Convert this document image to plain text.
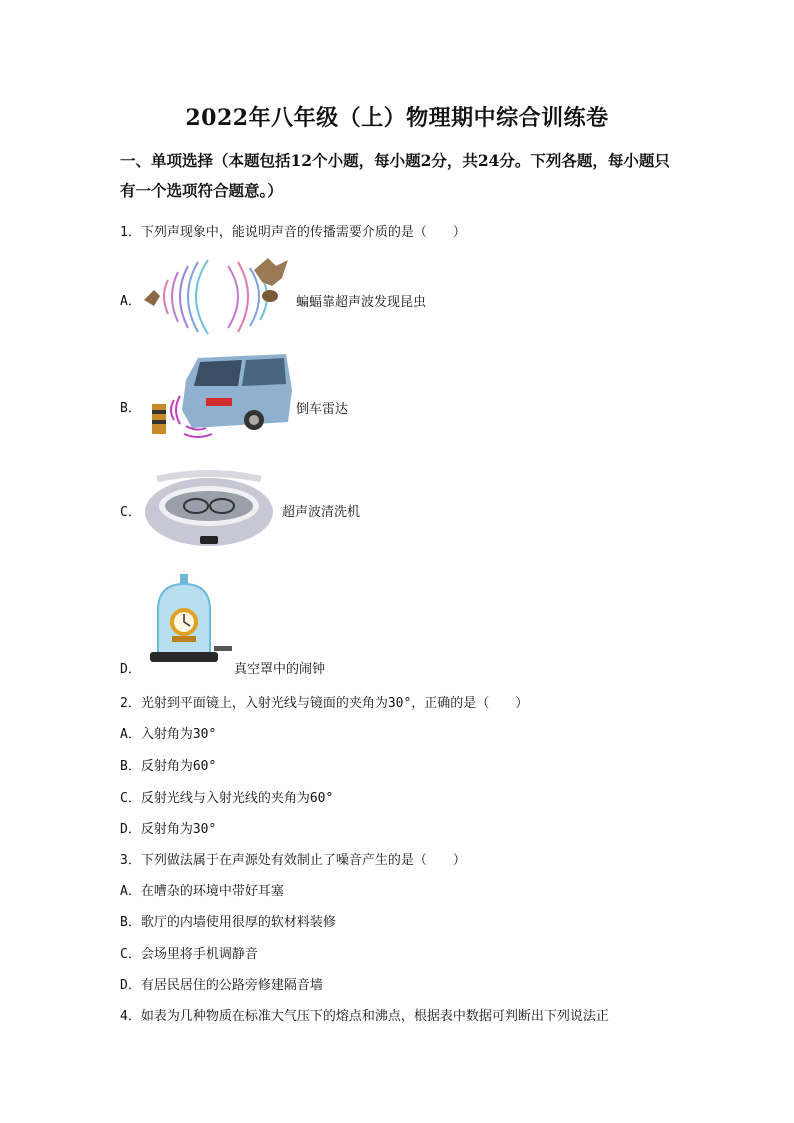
2022年八年级（上）物理期中综合训练卷
一、单项选择（本题包括12个小题，每小题2分，共24分。下列各题，每小题只有一个选项符合题意。）
1．下列声现象中，能说明声音的传播需要介质的是（　　）
A．	蝙蝠靠超声波发现昆虫
B．	倒车雷达
C．	超声波清洗机
D．	真空罩中的闹钟
2．光射到平面镜上，入射光线与镜面的夹角为30°，正确的是（　　）
A．入射角为30°
B．反射角为60°
C．反射光线与入射光线的夹角为60°
D．反射角为30°
3．下列做法属于在声源处有效制止了噪音产生的是（　　）
A．在嘈杂的环境中带好耳塞
B．歌厅的内墙使用很厚的软材料装修
C．会场里将手机调静音
D．有居民居住的公路旁修建隔音墙
4．如表为几种物质在标准大气压下的熔点和沸点，根据表中数据可判断出下列说法正
